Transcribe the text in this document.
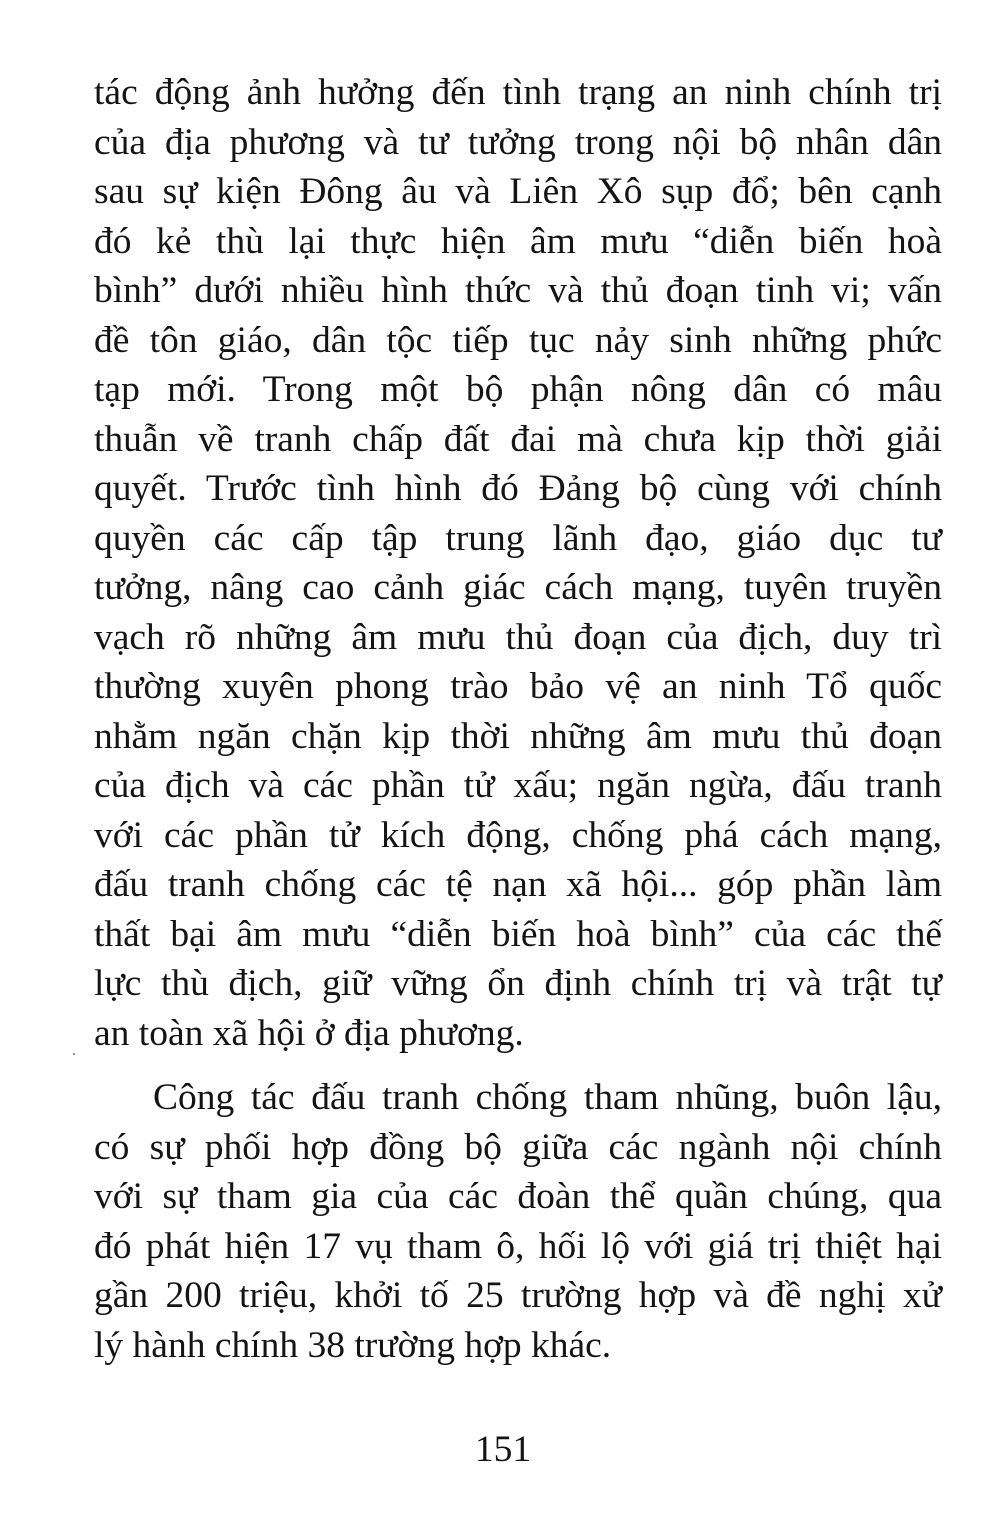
tác động ảnh hưởng đến tình trạng an ninh chính trị
của địa phương và tư tưởng trong nội bộ nhân dân
sau sự kiện Đông âu và Liên Xô sụp đổ; bên cạnh
đó kẻ thù lại thực hiện âm mưu “diễn biến hoà
bình” dưới nhiều hình thức và thủ đoạn tinh vi; vấn
đề tôn giáo, dân tộc tiếp tục nảy sinh những phức
tạp mới. Trong một bộ phận nông dân có mâu
thuẫn về tranh chấp đất đai mà chưa kịp thời giải
quyết. Trước tình hình đó Đảng bộ cùng với chính
quyền các cấp tập trung lãnh đạo, giáo dục tư
tưởng, nâng cao cảnh giác cách mạng, tuyên truyền
vạch rõ những âm mưu thủ đoạn của địch, duy trì
thường xuyên phong trào bảo vệ an ninh Tổ quốc
nhằm ngăn chặn kịp thời những âm mưu thủ đoạn
của địch và các phần tử xấu; ngăn ngừa, đấu tranh
với các phần tử kích động, chống phá cách mạng,
đấu tranh chống các tệ nạn xã hội... góp phần làm
thất bại âm mưu “diễn biến hoà bình” của các thế
lực thù địch, giữ vững ổn định chính trị và trật tự
an toàn xã hội ở địa phương.
Công tác đấu tranh chống tham nhũng, buôn lậu,
có sự phối hợp đồng bộ giữa các ngành nội chính
với sự tham gia của các đoàn thể quần chúng, qua
đó phát hiện 17 vụ tham ô, hối lộ với giá trị thiệt hại
gần 200 triệu, khởi tố 25 trường hợp và đề nghị xử
lý hành chính 38 trường hợp khác.
151
